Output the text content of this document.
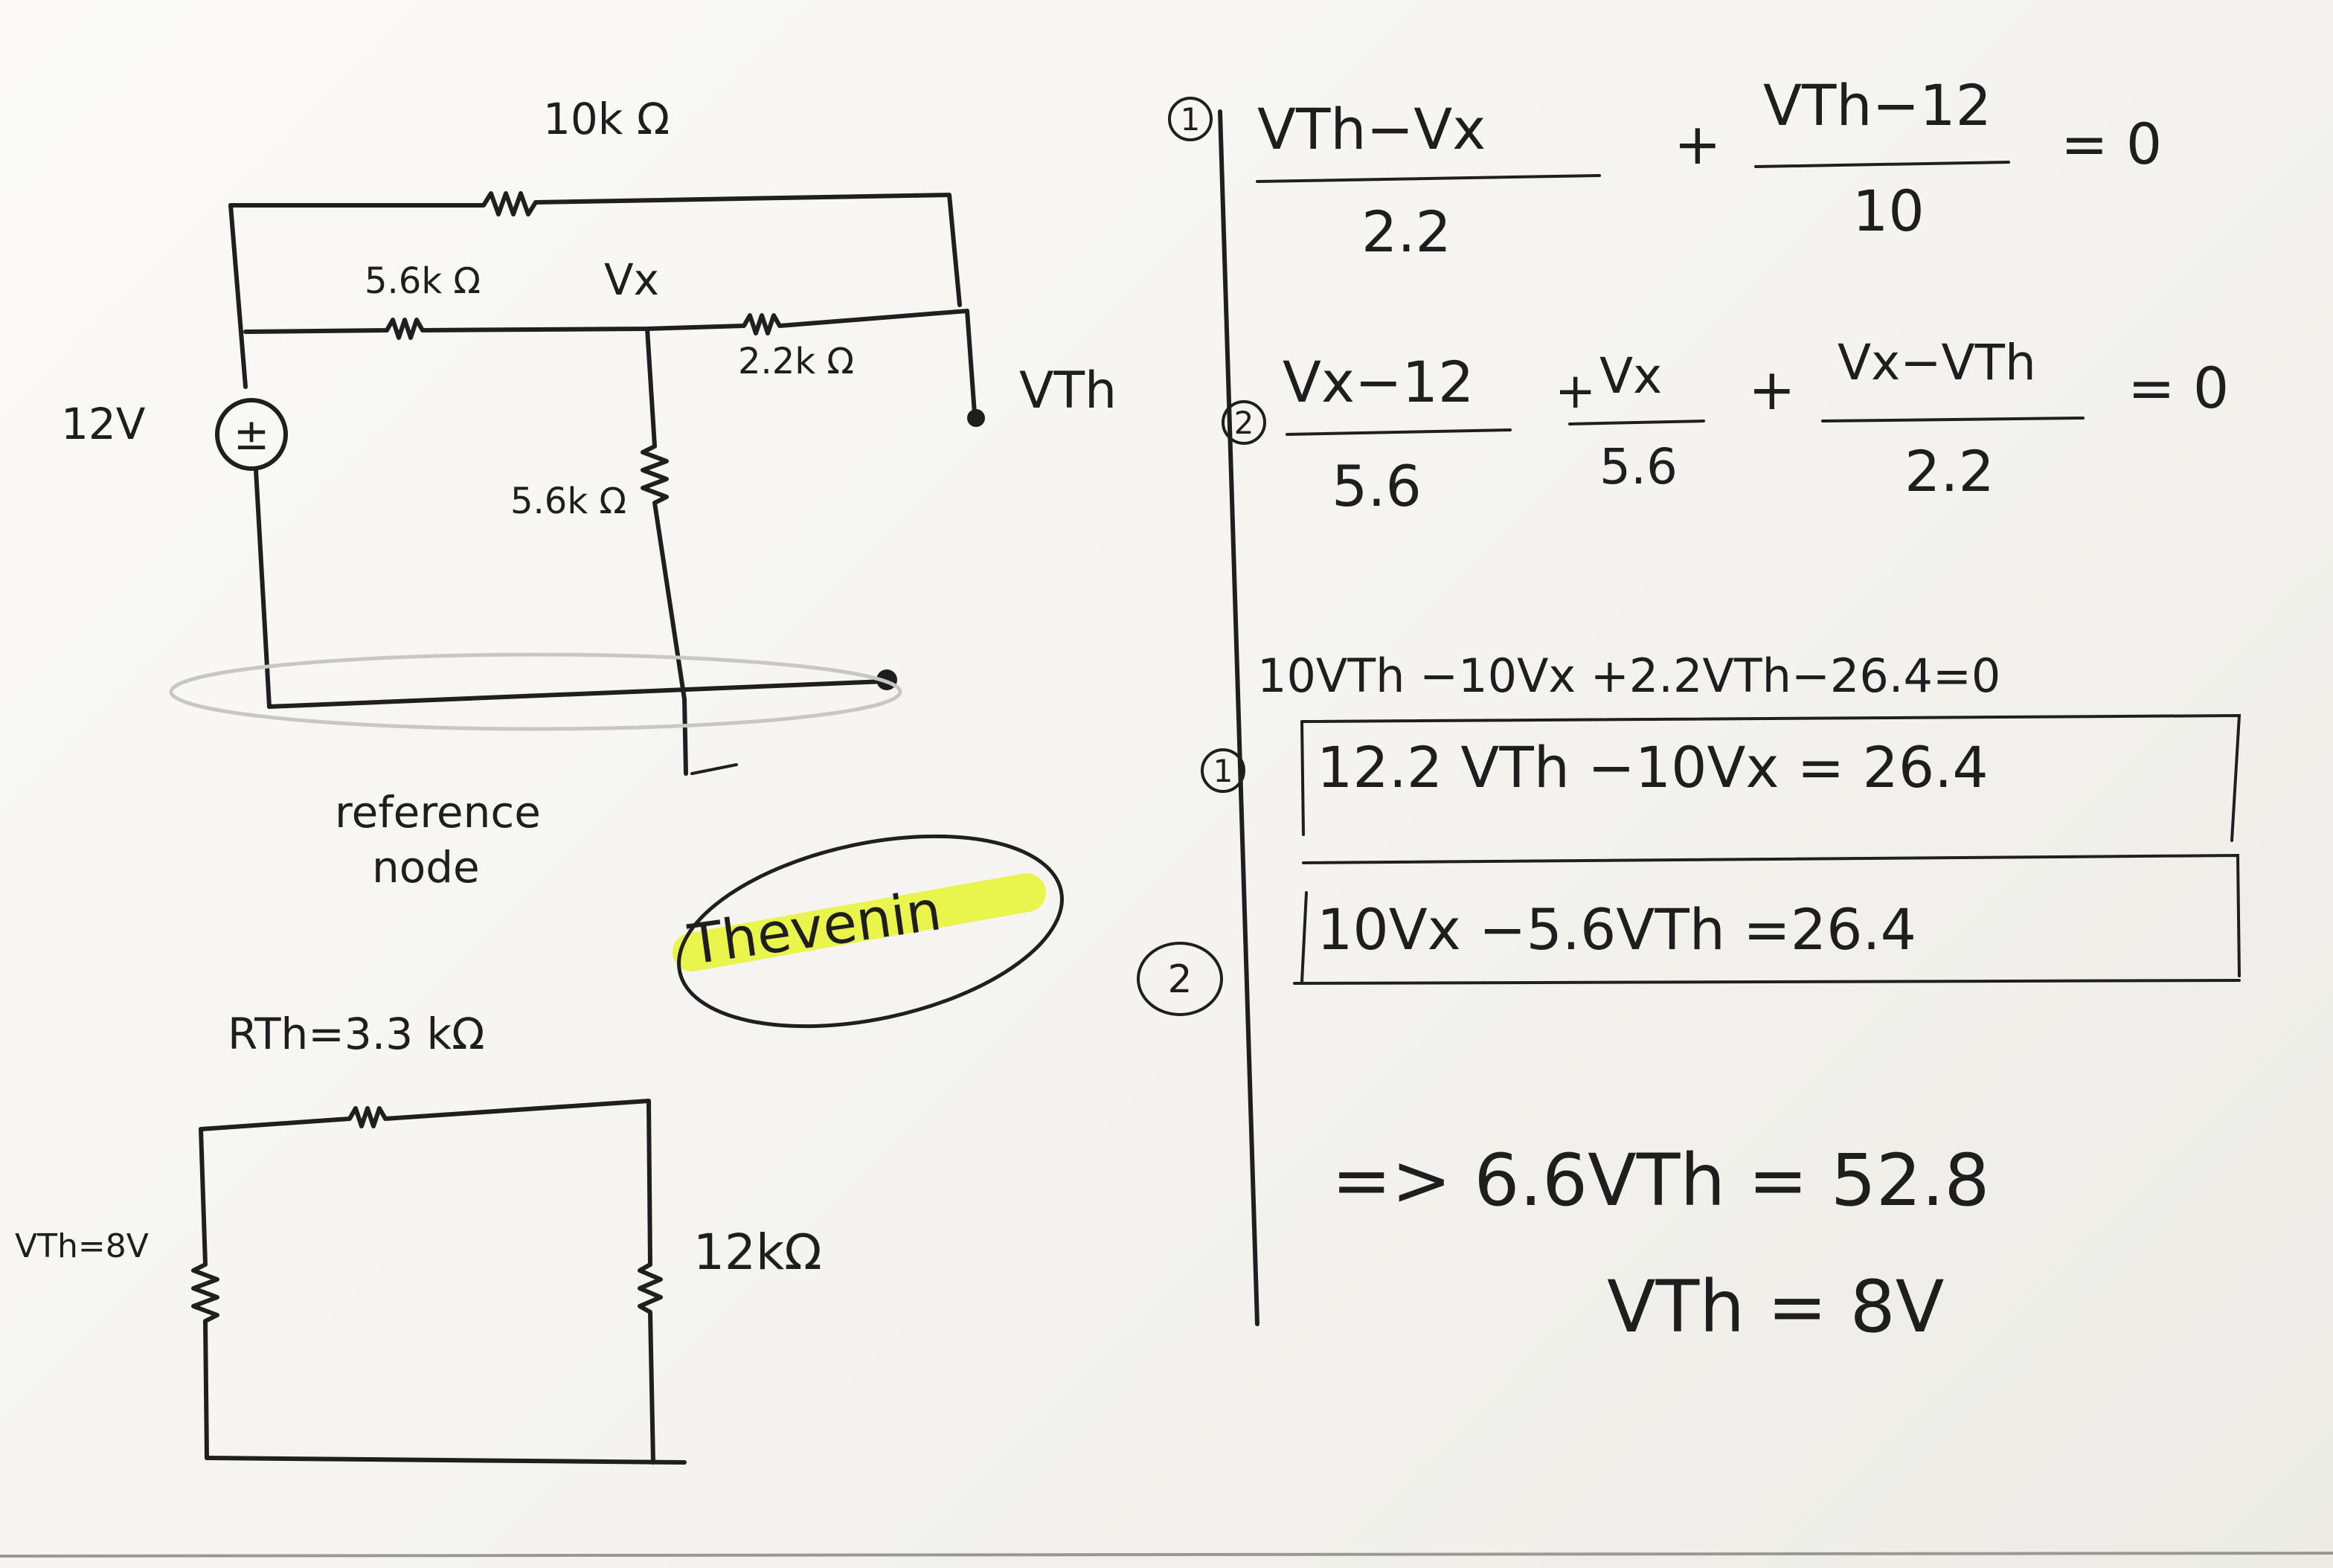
10k Ω
5.6k Ω	Vx
2.2k Ω
5.6k Ω
12V ±
VTh
reference
node
Thevenin
RTh=3.3 kΩ
VTh=8V	12kΩ
1 VTh−Vx
2.2
+
VTh−12
10
= 0
2
Vx−12
5.6
+ Vx
5.6
+ Vx−VTh
2.2
= 0
10VTh −10Vx +2.2VTh−26.4=0
1 12.2 VTh −10Vx = 26.4
2
10Vx −5.6VTh =26.4
=> 6.6VTh = 52.8
VTh = 8V
